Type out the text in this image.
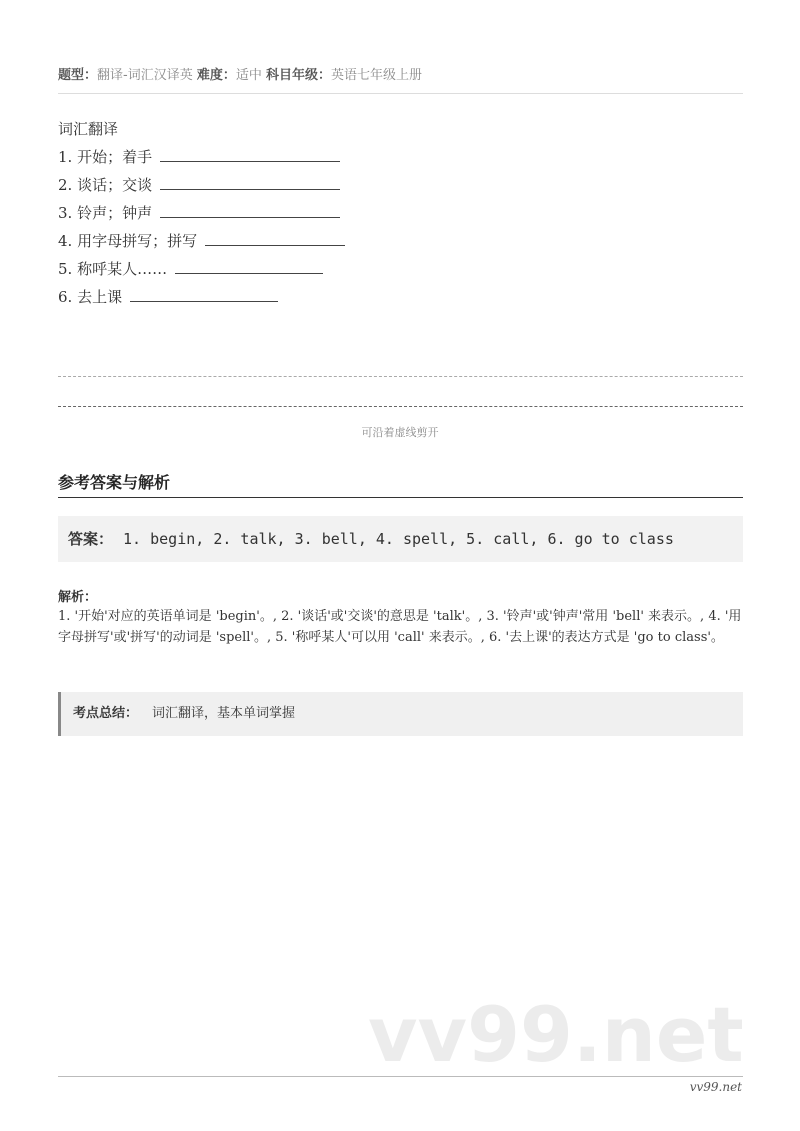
题型：翻译-词汇汉译英 难度：适中 科目年级：英语七年级上册
词汇翻译
1. 开始；着手
2. 谈话；交谈
3. 铃声；钟声
4. 用字母拼写；拼写
5. 称呼某人……
6. 去上课
可沿着虚线剪开
参考答案与解析
答案： 1. begin, 2. talk, 3. bell, 4. spell, 5. call, 6. go to class
解析：
1. '开始'对应的英语单词是 'begin'。, 2. '谈话'或'交谈'的意思是 'talk'。, 3. '铃声'或'钟声'常用 'bell' 来表示。, 4. '用字母拼写'或'拼写'的动词是 'spell'。, 5. '称呼某人'可以用 'call' 来表示。, 6. '去上课'的表达方式是 'go to class'。
考点总结： 词汇翻译，基本单词掌握
vv99.net
vv99.net
